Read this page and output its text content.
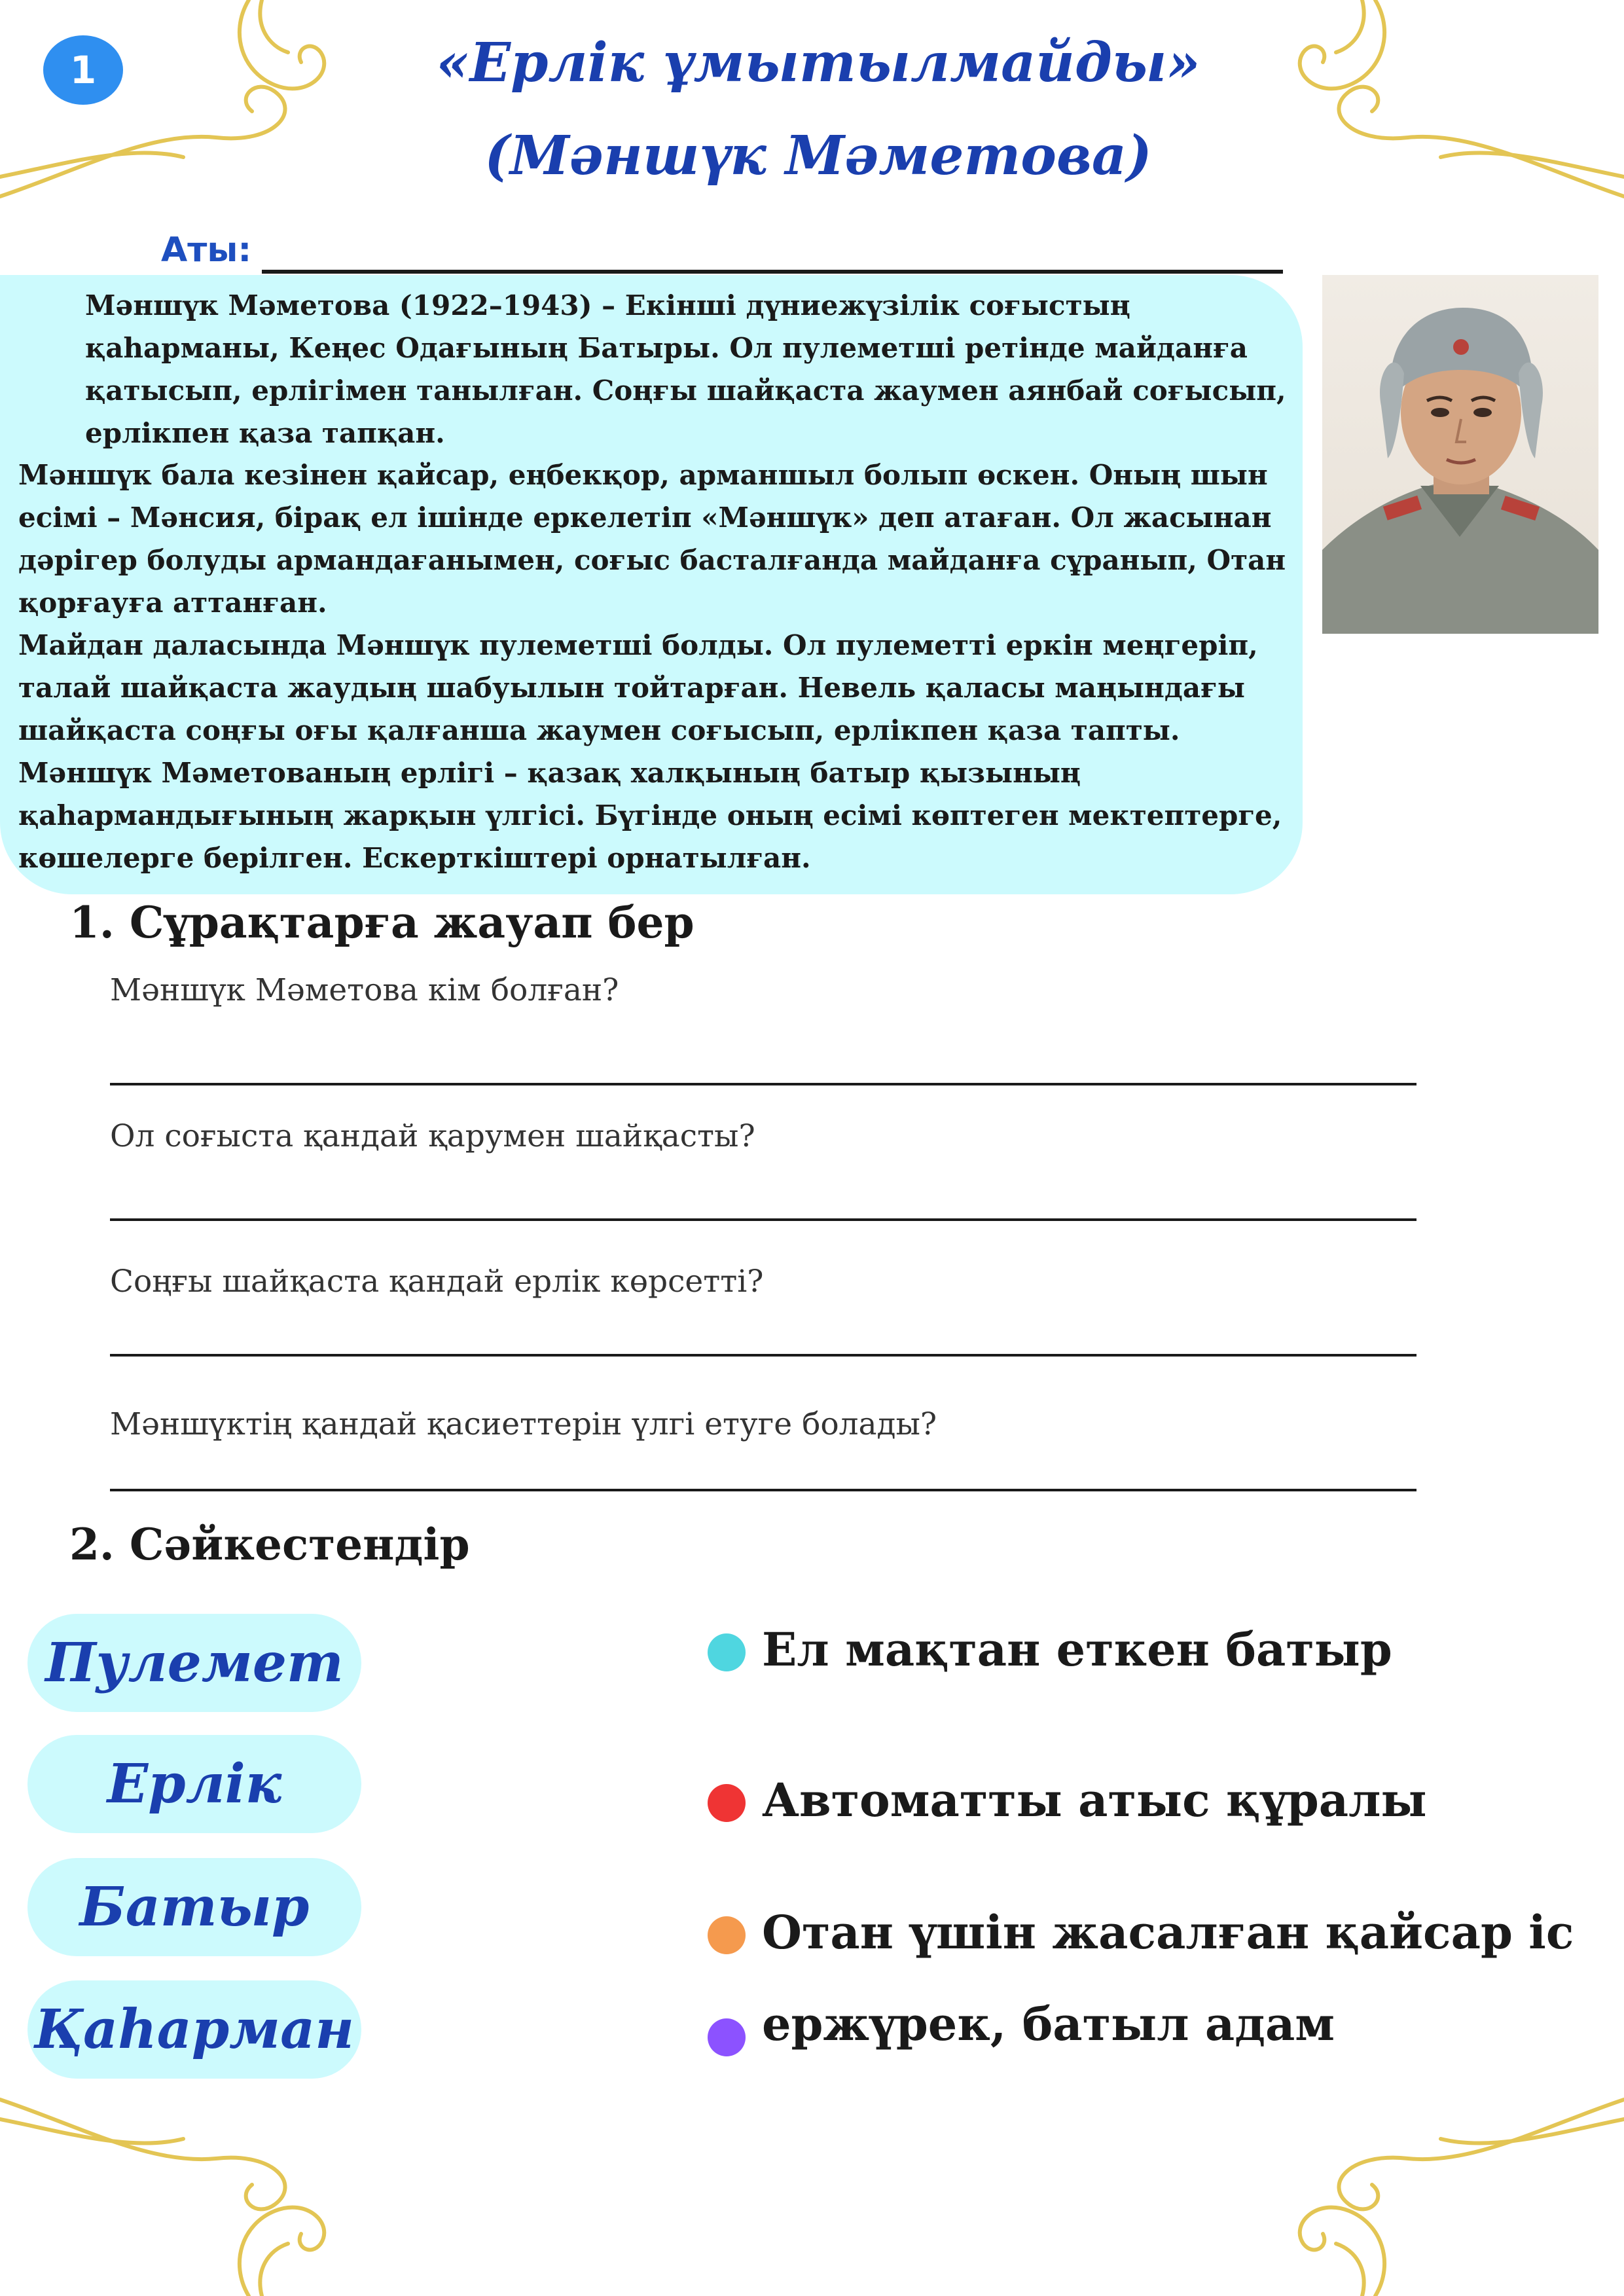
1	«Ерлік ұмытылмайды»
(Мәншүк Мәметова)
Аты:
Мәншүк Мәметова (1922–1943) – Екінші дүниежүзілік соғыстың
қаһарманы, Кеңес Одағының Батыры. Ол пулеметші ретінде майданға
қатысып, ерлігімен танылған. Соңғы шайқаста жаумен аянбай соғысып,
ерлікпен қаза тапқан.
Мәншүк бала кезінен қайсар, еңбекқор, арманшыл болып өскен. Оның шын
есімі – Мәнсия, бірақ ел ішінде еркелетіп «Мәншүк» деп атаған. Ол жасынан
дәрігер болуды армандағанымен, соғыс басталғанда майданға сұранып, Отан
қорғауға аттанған.
Майдан даласында Мәншүк пулеметші болды. Ол пулеметті еркін меңгеріп,
талай шайқаста жаудың шабуылын тойтарған. Невель қаласы маңындағы
шайқаста соңғы оғы қалғанша жаумен соғысып, ерлікпен қаза тапты.
Мәншүк Мәметованың ерлігі – қазақ халқының батыр қызының
қаһармандығының жарқын үлгісі. Бүгінде оның есімі көптеген мектептерге,
көшелерге берілген. Ескерткіштері орнатылған.
1. Сұрақтарға жауап бер
Мәншүк Мәметова кім болған?
Ол соғыста қандай қарумен шайқасты?
Соңғы шайқаста қандай ерлік көрсетті?
Мәншүктің қандай қасиеттерін үлгі етуге болады?
2. Сәйкестендір
Пулемет
Ерлік
Батыр
Қаһарман
Ел мақтан еткен батыр
Автоматты атыс құралы
Отан үшін жасалған қайсар іс
ержүрек, батыл адам
